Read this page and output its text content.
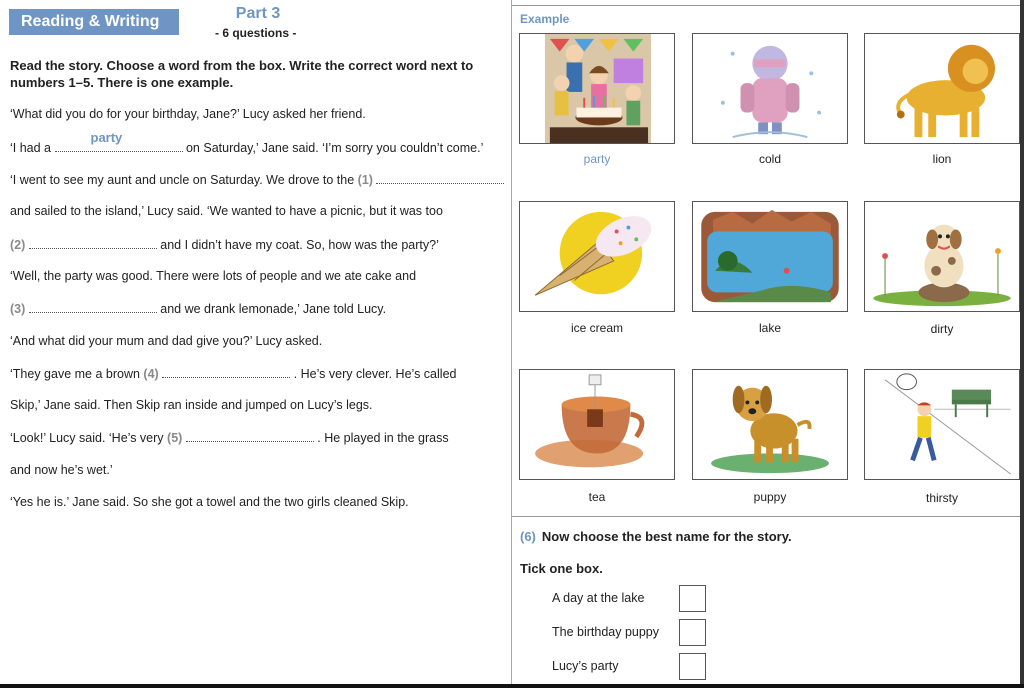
Reading & Writing	Part 3
- 6 questions -
Read the story. Choose a word from the box. Write the correct word next to numbers 1–5. There is one example.
‘What did you do for your birthday, Jane?’ Lucy asked her friend.
‘I had a
party
on Saturday,’ Jane said. ‘I’m sorry you couldn’t come.’
‘I went to see my aunt and uncle on Saturday. We drove to the (1)
and sailed to the island,’ Lucy said. ‘We wanted to have a picnic, but it was too
(2)	and I didn’t have my coat. So, how was the party?’
‘Well, the party was good. There were lots of people and we ate cake and
(3)	and we drank lemonade,’ Jane told Lucy.
‘And what did your mum and dad give you?’ Lucy asked.
‘They gave me a brown (4)	. He’s very clever. He’s called
Skip,’ Jane said. Then Skip ran inside and jumped on Lucy’s legs.
‘Look!’ Lucy said. ‘He’s very (5)	. He played in the grass
and now he’s wet.’
‘Yes he is.’ Jane said. So she got a towel and the two girls cleaned Skip.
Example
party	cold	lion
ice cream	lake	dirty
tea	puppy	thirsty
(6) Now choose the best name for the story.
Tick one box.
A day at the lake
The birthday puppy
Lucy’s party
